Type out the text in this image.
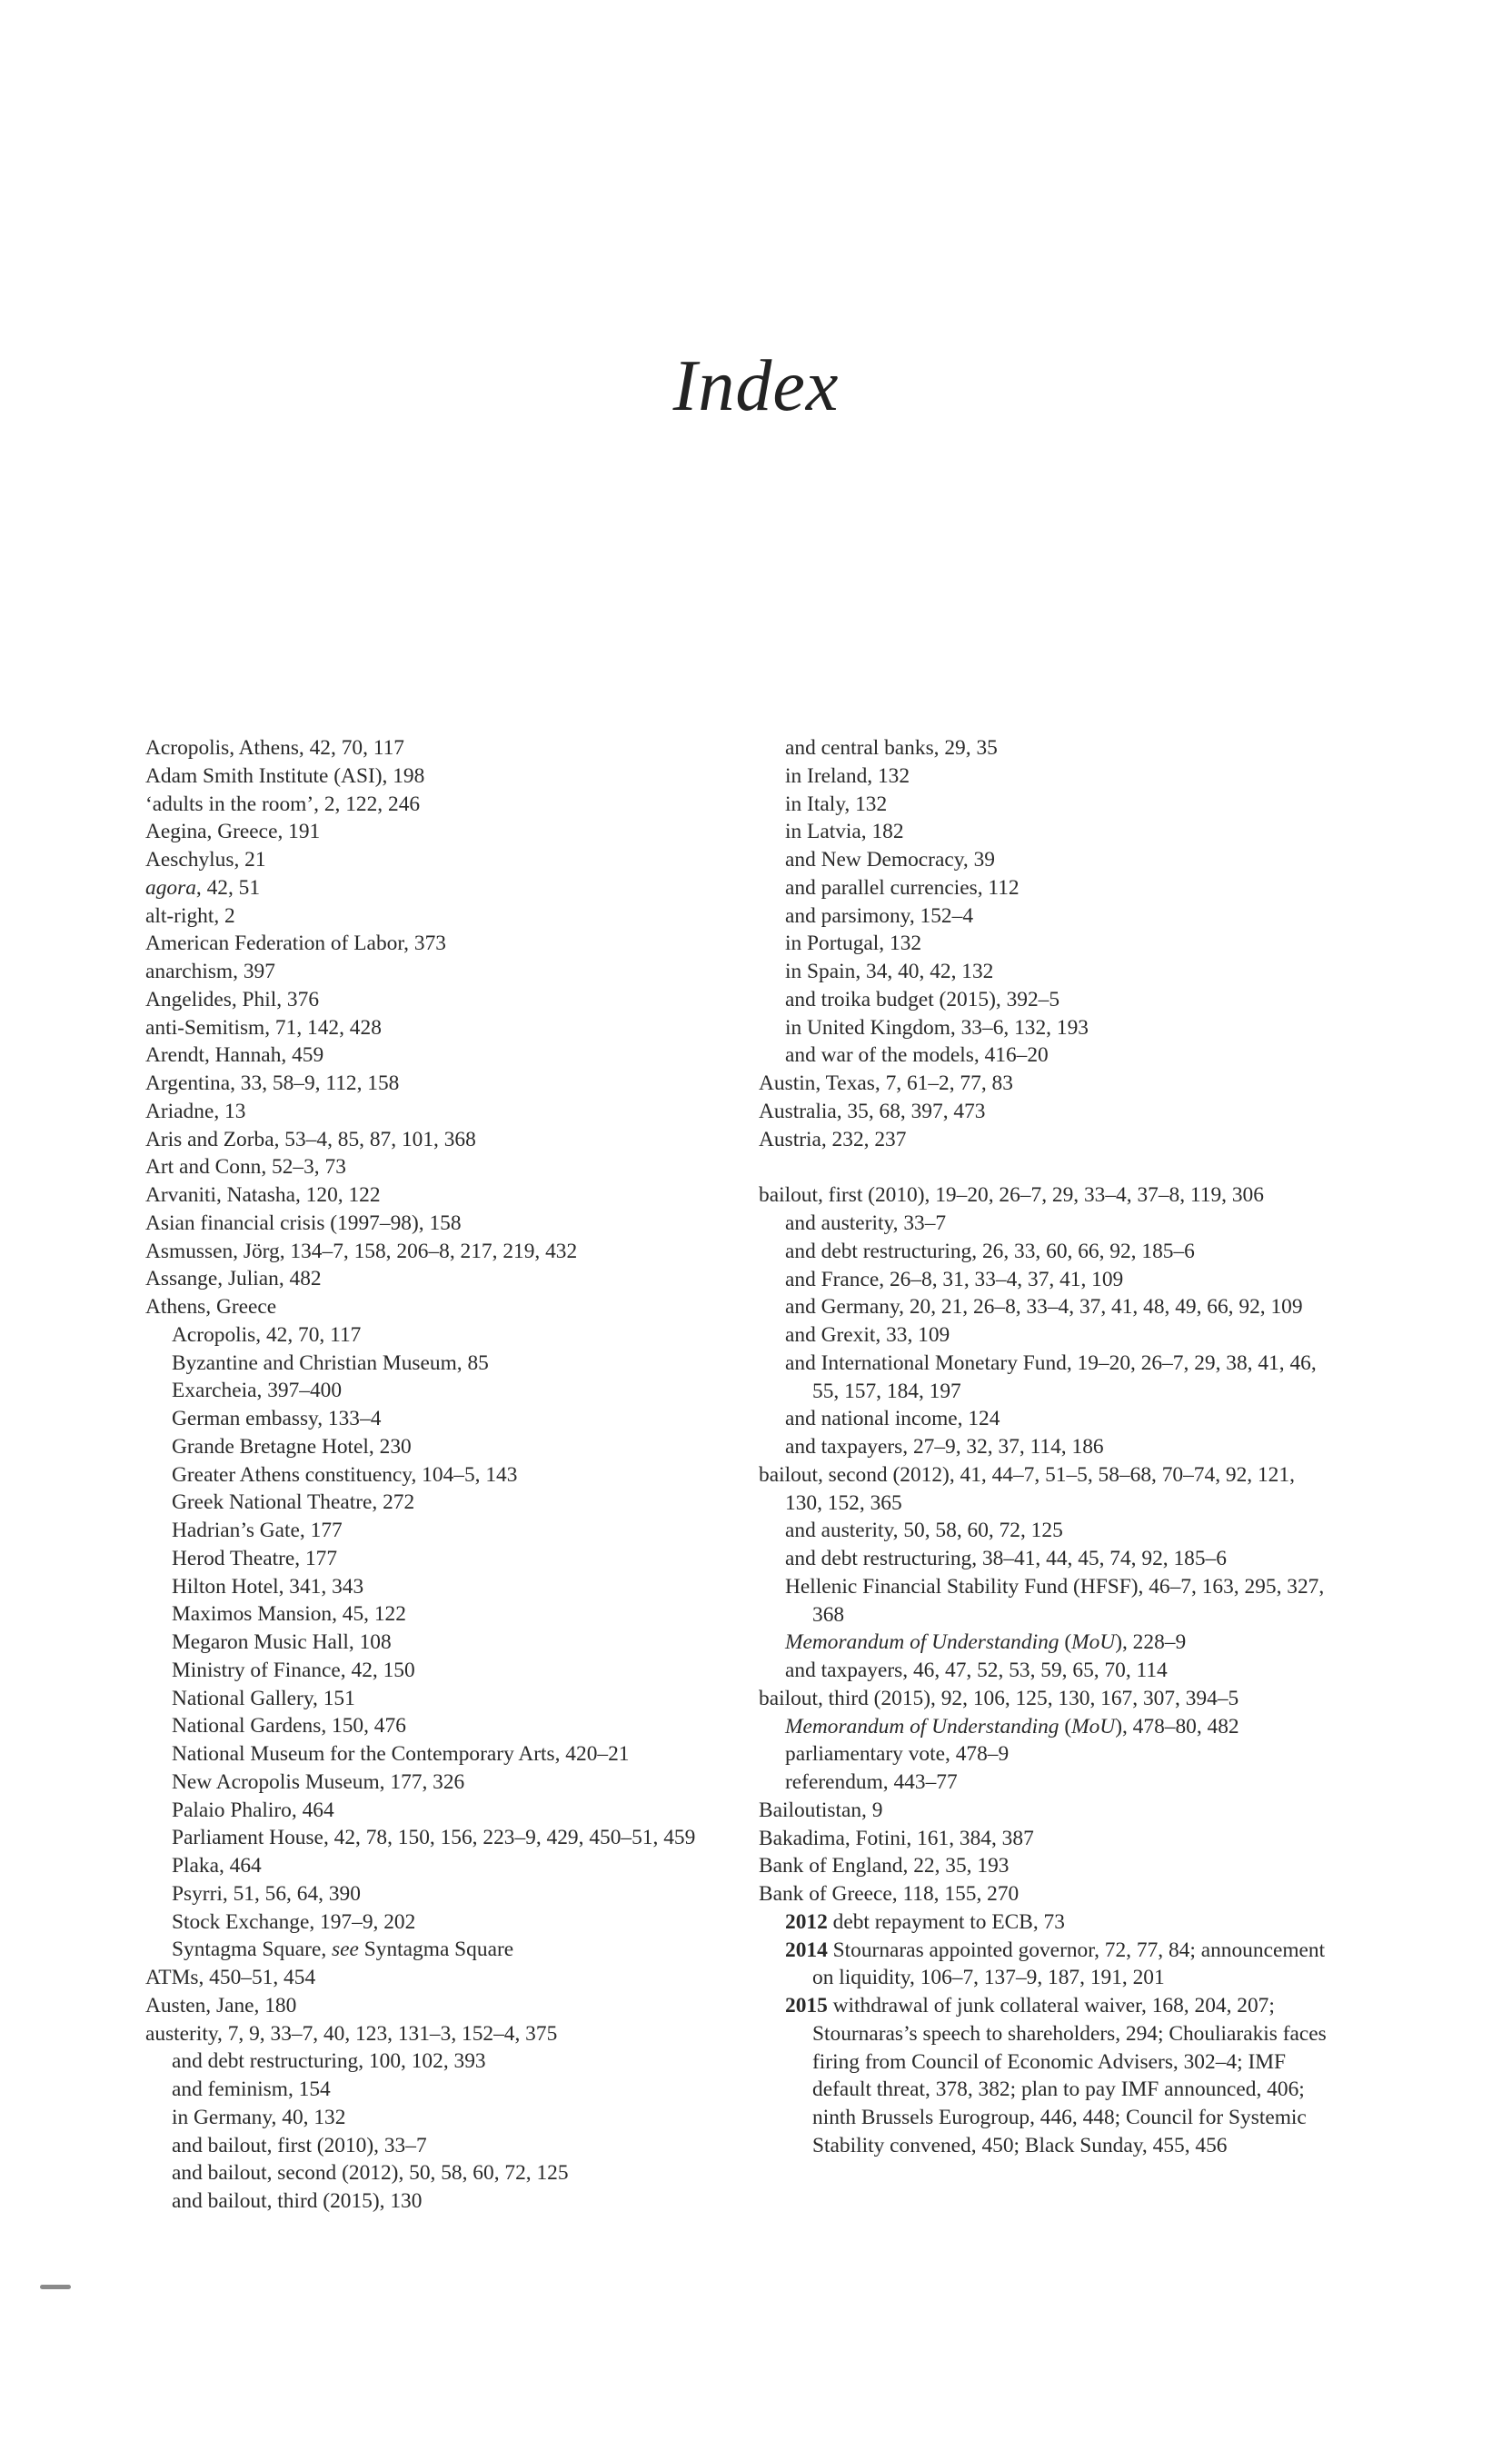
Index
Acropolis, Athens, 42, 70, 117
Adam Smith Institute (ASI), 198
‘adults in the room’, 2, 122, 246
Aegina, Greece, 191
Aeschylus, 21
agora, 42, 51
alt-right, 2
American Federation of Labor, 373
anarchism, 397
Angelides, Phil, 376
anti-Semitism, 71, 142, 428
Arendt, Hannah, 459
Argentina, 33, 58–9, 112, 158
Ariadne, 13
Aris and Zorba, 53–4, 85, 87, 101, 368
Art and Conn, 52–3, 73
Arvaniti, Natasha, 120, 122
Asian financial crisis (1997–98), 158
Asmussen, Jörg, 134–7, 158, 206–8, 217, 219, 432
Assange, Julian, 482
Athens, Greece
Acropolis, 42, 70, 117
Byzantine and Christian Museum, 85
Exarcheia, 397–400
German embassy, 133–4
Grande Bretagne Hotel, 230
Greater Athens constituency, 104–5, 143
Greek National Theatre, 272
Hadrian’s Gate, 177
Herod Theatre, 177
Hilton Hotel, 341, 343
Maximos Mansion, 45, 122
Megaron Music Hall, 108
Ministry of Finance, 42, 150
National Gallery, 151
National Gardens, 150, 476
National Museum for the Contemporary Arts, 420–21
New Acropolis Museum, 177, 326
Palaio Phaliro, 464
Parliament House, 42, 78, 150, 156, 223–9, 429, 450–51, 459
Plaka, 464
Psyrri, 51, 56, 64, 390
Stock Exchange, 197–9, 202
Syntagma Square, see Syntagma Square
ATMs, 450–51, 454
Austen, Jane, 180
austerity, 7, 9, 33–7, 40, 123, 131–3, 152–4, 375
and debt restructuring, 100, 102, 393
and feminism, 154
in Germany, 40, 132
and bailout, first (2010), 33–7
and bailout, second (2012), 50, 58, 60, 72, 125
and bailout, third (2015), 130
and central banks, 29, 35
in Ireland, 132
in Italy, 132
in Latvia, 182
and New Democracy, 39
and parallel currencies, 112
and parsimony, 152–4
in Portugal, 132
in Spain, 34, 40, 42, 132
and troika budget (2015), 392–5
in United Kingdom, 33–6, 132, 193
and war of the models, 416–20
Austin, Texas, 7, 61–2, 77, 83
Australia, 35, 68, 397, 473
Austria, 232, 237
bailout, first (2010), 19–20, 26–7, 29, 33–4, 37–8, 119, 306
and austerity, 33–7
and debt restructuring, 26, 33, 60, 66, 92, 185–6
and France, 26–8, 31, 33–4, 37, 41, 109
and Germany, 20, 21, 26–8, 33–4, 37, 41, 48, 49, 66, 92, 109
and Grexit, 33, 109
and International Monetary Fund, 19–20, 26–7, 29, 38, 41, 46, 55, 157, 184, 197
and national income, 124
and taxpayers, 27–9, 32, 37, 114, 186
bailout, second (2012), 41, 44–7, 51–5, 58–68, 70–74, 92, 121, 130, 152, 365
and austerity, 50, 58, 60, 72, 125
and debt restructuring, 38–41, 44, 45, 74, 92, 185–6
Hellenic Financial Stability Fund (HFSF), 46–7, 163, 295, 327, 368
Memorandum of Understanding (MoU), 228–9
and taxpayers, 46, 47, 52, 53, 59, 65, 70, 114
bailout, third (2015), 92, 106, 125, 130, 167, 307, 394–5
Memorandum of Understanding (MoU), 478–80, 482
parliamentary vote, 478–9
referendum, 443–77
Bailoutistan, 9
Bakadima, Fotini, 161, 384, 387
Bank of England, 22, 35, 193
Bank of Greece, 118, 155, 270
2012 debt repayment to ECB, 73
2014 Stournaras appointed governor, 72, 77, 84; announcement on liquidity, 106–7, 137–9, 187, 191, 201
2015 withdrawal of junk collateral waiver, 168, 204, 207; Stournaras’s speech to shareholders, 294; Chouliarakis faces firing from Council of Economic Advisers, 302–4; IMF default threat, 378, 382; plan to pay IMF announced, 406; ninth Brussels Eurogroup, 446, 448; Council for Systemic Stability convened, 450; Black Sunday, 455, 456
